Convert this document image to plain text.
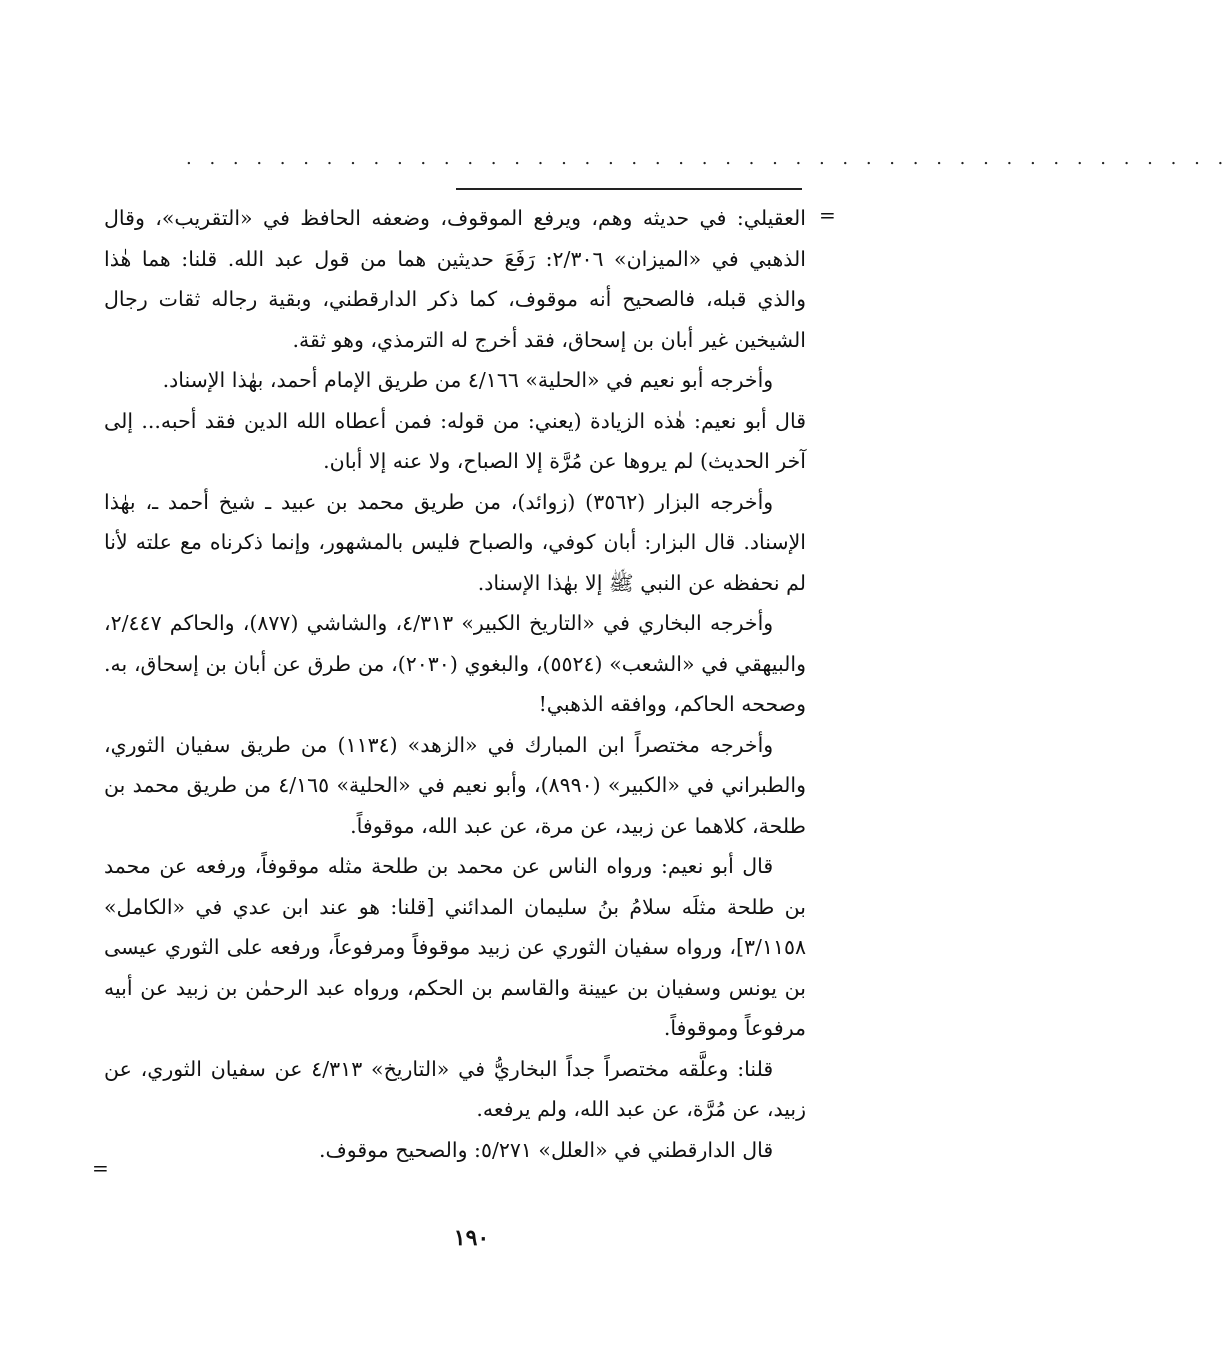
. . . . . . . . . . . . . . . . . . . . . . . . . . . . . . . . . . . . . . . . . . . . .
=

العقيلي: في حديثه وهم، ويرفع الموقوف، وضعفه الحافظ في «التقريب»، وقال الذهبي في «الميزان» ٢/٣٠٦: رَفَعَ حديثين هما من قول عبد الله. قلنا: هما هٰذا والذي قبله، فالصحيح أنه موقوف، كما ذكر الدارقطني، وبقية رجاله ثقات رجال الشيخين غير أبان بن إسحاق، فقد أخرج له الترمذي، وهو ثقة.

وأخرجه أبو نعيم في «الحلية» ٤/١٦٦ من طريق الإمام أحمد، بهٰذا الإسناد.

قال أبو نعيم: هٰذه الزيادة (يعني: من قوله: فمن أعطاه الله الدين فقد أحبه... إلى آخر الحديث) لم يروها عن مُرَّة إلا الصباح، ولا عنه إلا أبان.

وأخرجه البزار (٣٥٦٢) (زوائد)، من طريق محمد بن عبيد ـ شيخ أحمد ـ، بهٰذا الإسناد. قال البزار: أبان كوفي، والصباح فليس بالمشهور، وإنما ذكرناه مع علته لأنا لم نحفظه عن النبي ﷺ إلا بهٰذا الإسناد.

وأخرجه البخاري في «التاريخ الكبير» ٤/٣١٣، والشاشي (٨٧٧)، والحاكم ٢/٤٤٧، والبيهقي في «الشعب» (٥٥٢٤)، والبغوي (٢٠٣٠)، من طرق عن أبان بن إسحاق، به. وصححه الحاكم، ووافقه الذهبي!

وأخرجه مختصراً ابن المبارك في «الزهد» (١١٣٤) من طريق سفيان الثوري، والطبراني في «الكبير» (٨٩٩٠)، وأبو نعيم في «الحلية» ٤/١٦٥ من طريق محمد بن طلحة، كلاهما عن زبيد، عن مرة، عن عبد الله، موقوفاً.

قال أبو نعيم: ورواه الناس عن محمد بن طلحة مثله موقوفاً، ورفعه عن محمد بن طلحة مثلَه سلامُ بنُ سليمان المدائني [قلنا: هو عند ابن عدي في «الكامل» ٣/١١٥٨]، ورواه سفيان الثوري عن زبيد موقوفاً ومرفوعاً، ورفعه على الثوري عيسى بن يونس وسفيان بن عيينة والقاسم بن الحكم، ورواه عبد الرحمٰن بن زبيد عن أبيه مرفوعاً وموقوفاً.

قلنا: وعلَّقه مختصراً جداً البخاريُّ في «التاريخ» ٤/٣١٣ عن سفيان الثوري، عن زبيد، عن مُرَّة، عن عبد الله، ولم يرفعه.

قال الدارقطني في «العلل» ٥/٢٧١: والصحيح موقوف.

=
١٩٠
